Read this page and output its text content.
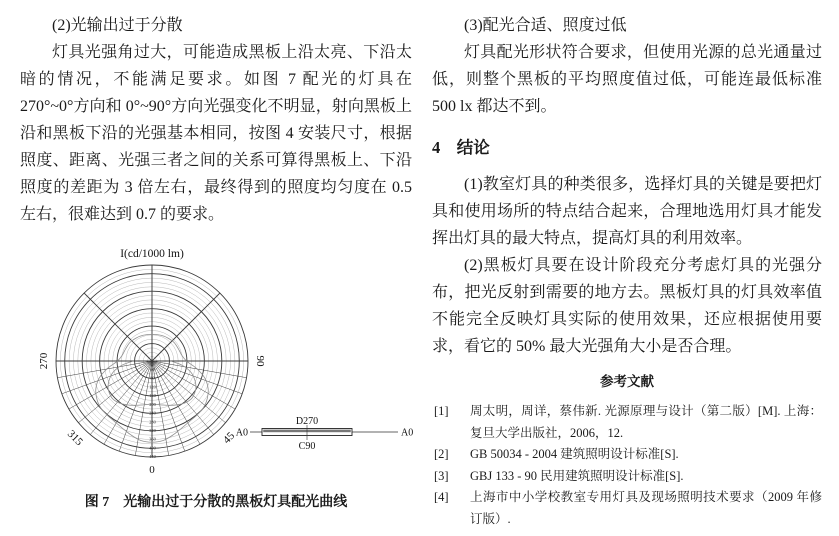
(2)光输出过于分散

灯具光强角过大，可能造成黑板上沿太亮、下沿太暗的情况，不能满足要求。如图 7 配光的灯具在 270°~0°方向和 0°~90°方向光强变化不明显，射向黑板上沿和黑板下沿的光强基本相同，按图 4 安装尺寸，根据照度、距离、光强三者之间的关系可算得黑板上、下沿照度的差距为 3 倍左右，最终得到的照度均匀度在 0.5 左右，很难达到 0.7 的要求。

40
80
120
160
200
240
280
320
360
400
440
270
315
0
45
90
I(cd/1000 lm)
A0	A0
D270
C90
图 7　光输出过于分散的黑板灯具配光曲线

(3)配光合适、照度过低

灯具配光形状符合要求，但使用光源的总光通量过低，则整个黑板的平均照度值过低，可能连最低标准 500 lx 都达不到。

4　结论

(1)教室灯具的种类很多，选择灯具的关键是要把灯具和使用场所的特点结合起来，合理地选用灯具才能发挥出灯具的最大特点，提高灯具的利用效率。

(2)黑板灯具要在设计阶段充分考虑灯具的光强分布，把光反射到需要的地方去。黑板灯具的灯具效率值不能完全反映灯具实际的使用效果，还应根据使用要求，看它的 50% 最大光强角大小是否合理。

参考文献
[1] 周太明，周详，蔡伟新. 光源原理与设计（第二版）[M]. 上海：复旦大学出版社，2006，12.
[2] GB 50034 - 2004 建筑照明设计标准[S].
[3] GBJ 133 - 90 民用建筑照明设计标准[S].
[4] 上海市中小学校教室专用灯具及现场照明技术要求（2009 年修订版）.
